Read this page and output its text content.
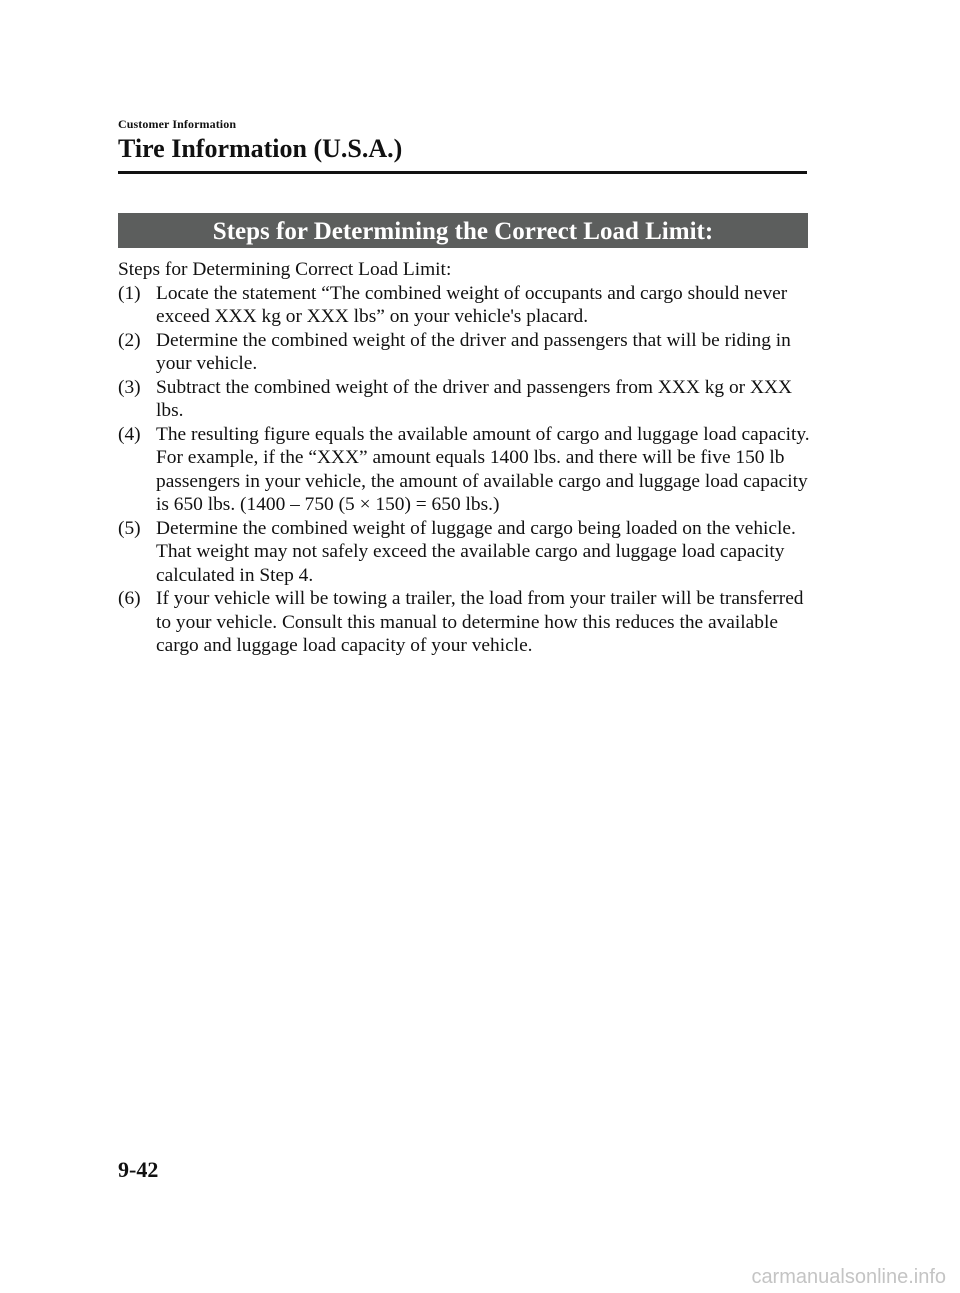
Customer Information
Tire Information (U.S.A.)
Steps for Determining the Correct Load Limit:

Steps for Determining Correct Load Limit:

(1) Locate the statement “The combined weight of occupants and cargo should never exceed XXX kg or XXX lbs” on your vehicle's placard.
(2) Determine the combined weight of the driver and passengers that will be riding in your vehicle.
(3) Subtract the combined weight of the driver and passengers from XXX kg or XXX lbs.
(4) The resulting figure equals the available amount of cargo and luggage load capacity. For example, if the “XXX” amount equals 1400 lbs. and there will be five 150 lb passengers in your vehicle, the amount of available cargo and luggage load capacity is 650 lbs. (1400 – 750 (5 × 150) = 650 lbs.)
(5) Determine the combined weight of luggage and cargo being loaded on the vehicle. That weight may not safely exceed the available cargo and luggage load capacity calculated in Step 4.
(6) If your vehicle will be towing a trailer, the load from your trailer will be transferred to your vehicle. Consult this manual to determine how this reduces the available cargo and luggage load capacity of your vehicle.
9-42
carmanualsonline.info
